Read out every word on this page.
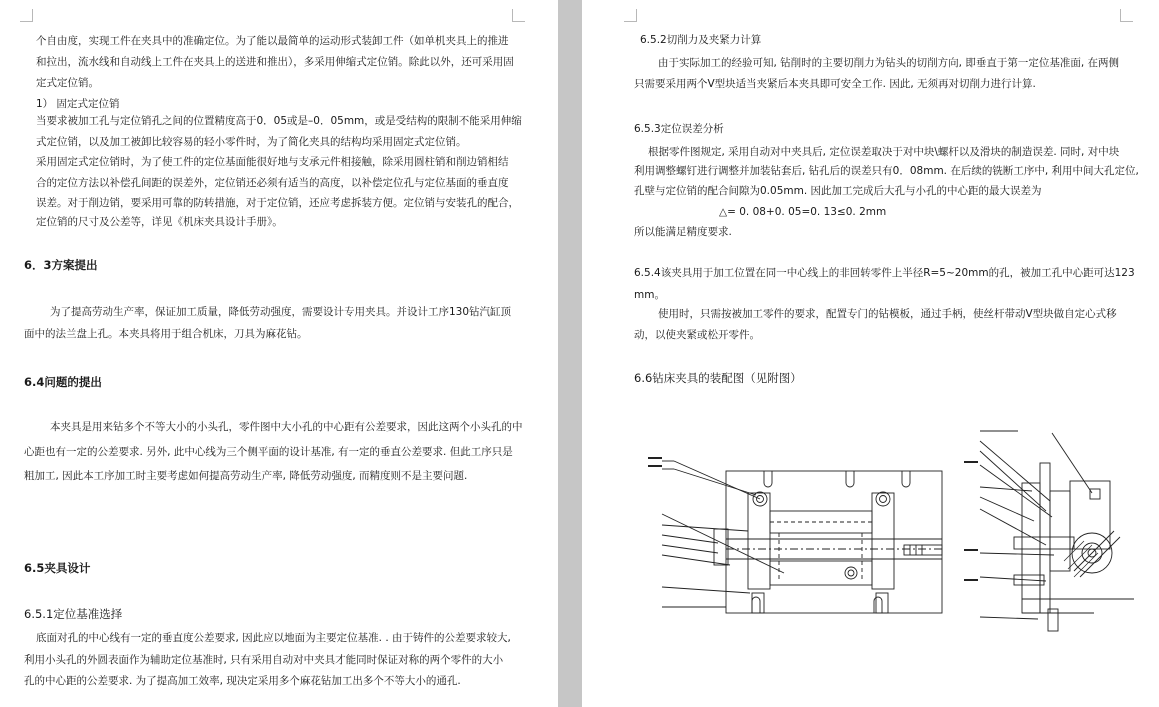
个自由度，实现工件在夹具中的准确定位。为了能以最简单的运动形式装卸工件（如单机夹具上的推进
和拉出，流水线和自动线上工件在夹具上的送进和推出），多采用伸缩式定位销。除此以外，还可采用固
定式定位销。
1） 固定式定位销
当要求被加工孔与定位销孔之间的位置精度高于0．05或是–0．05mm，或是受结构的限制不能采用伸缩
式定位销，以及加工被卸比较容易的轻小零件时，为了简化夹具的结构均采用固定式定位销。
采用固定式定位销时，为了使工件的定位基面能很好地与支承元件相接触，除采用圆柱销和削边销相结
合的定位方法以补偿孔间距的误差外，定位销还必须有适当的高度，以补偿定位孔与定位基面的垂直度
误差。对于削边销，要采用可靠的防转措施，对于定位销，还应考虑拆装方便。定位销与安装孔的配合，
定位销的尺寸及公差等，详见《机床夹具设计手册》。
6．3方案提出
为了提高劳动生产率，保证加工质量，降低劳动强度，需要设计专用夹具。并设计工序130钻汽缸顶
面中的法兰盘上孔。本夹具将用于组合机床，刀具为麻花钻。
6.4问题的提出
本夹具是用来钻多个不等大小的小头孔，零件图中大小孔的中心距有公差要求，因此这两个小头孔的中
心距也有一定的公差要求. 另外, 此中心线为三个侧平面的设计基准, 有一定的垂直公差要求. 但此工序只是
粗加工, 因此本工序加工时主要考虑如何提高劳动生产率, 降低劳动强度, 而精度则不是主要问题.
6.5夹具设计
6.5.1定位基准选择
底面对孔的中心线有一定的垂直度公差要求, 因此应以地面为主要定位基准. . 由于铸件的公差要求较大,
利用小头孔的外圆表面作为辅助定位基准时, 只有采用自动对中夹具才能同时保证对称的两个零件的大小
孔的中心距的公差要求. 为了提高加工效率, 现决定采用多个麻花钻加工出多个不等大小的通孔.
6.5.2切削力及夹紧力计算
由于实际加工的经验可知, 钻削时的主要切削力为钻头的切削方向, 即垂直于第一定位基准面, 在两侧
只需要采用两个V型块适当夹紧后本夹具即可安全工作. 因此, 无须再对切削力进行计算.
6.5.3定位误差分析
根据零件图规定, 采用自动对中夹具后, 定位误差取决于对中块\螺杆以及滑块的制造误差. 同时, 对中块
利用调整螺钉进行调整并加装钻套后, 钻孔后的误差只有0．08mm. 在后续的铣断工序中, 利用中间大孔定位,
孔壁与定位销的配合间隙为0.05mm. 因此加工完成后大孔与小孔的中心距的最大误差为
△= 0. 08+0. 05=0. 13≤0. 2mm
所以能满足精度要求.
6.5.4该夹具用于加工位置在同一中心线上的非回转零件上半径R=5~20mm的孔，被加工孔中心距可达123
mm。
使用时，只需按被加工零件的要求，配置专门的钻模板，通过手柄，使丝杆带动V型块做自定心式移
动，以使夹紧或松开零件。
6.6钻床夹具的装配图（见附图）
